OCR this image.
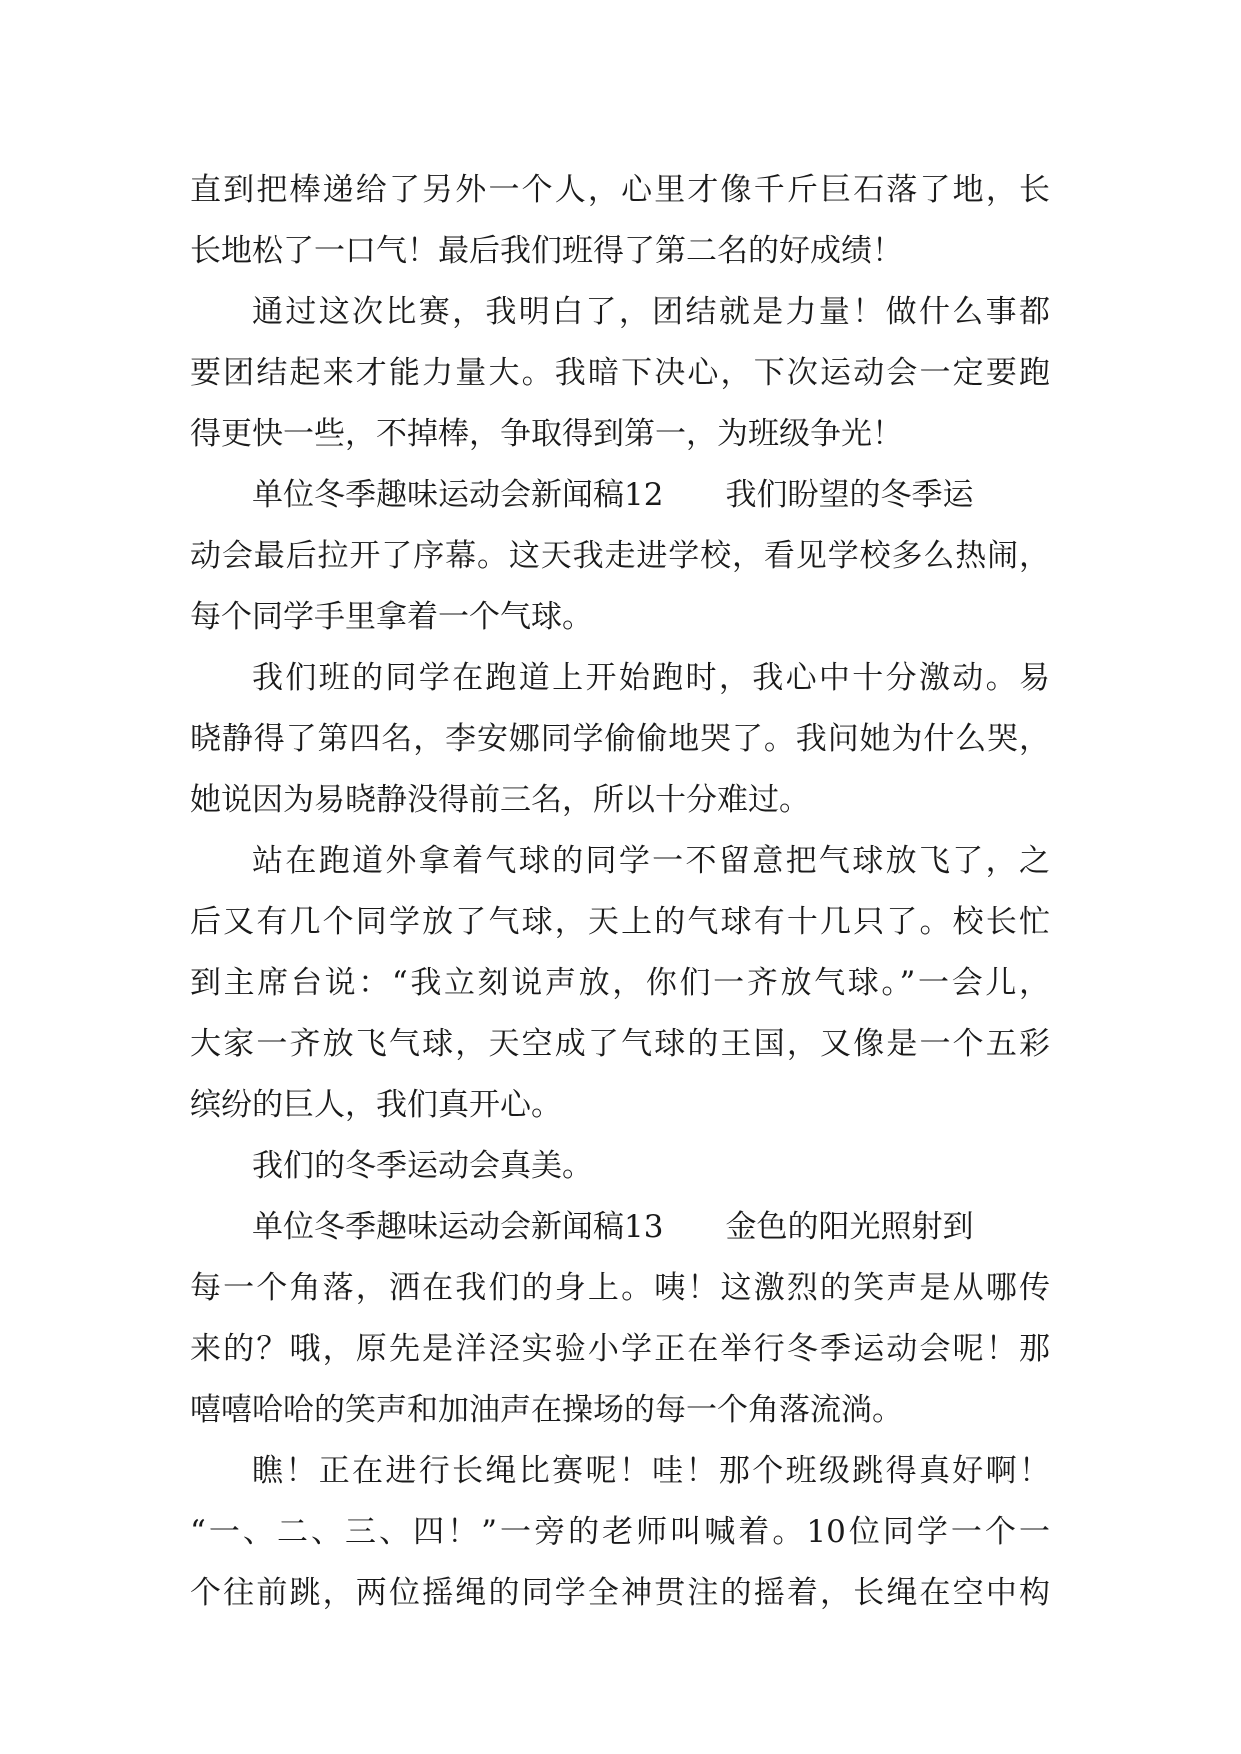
直到把棒递给了另外一个人，心里才像千斤巨石落了地，长
长地松了一口气！最后我们班得了第二名的好成绩！
通过这次比赛，我明白了，团结就是力量！做什么事都
要团结起来才能力量大。我暗下决心，下次运动会一定要跑
得更快一些，不掉棒，争取得到第一，为班级争光！
单位冬季趣味运动会新闻稿12 我们盼望的冬季运
动会最后拉开了序幕。这天我走进学校，看见学校多么热闹，
每个同学手里拿着一个气球。
我们班的同学在跑道上开始跑时，我心中十分激动。易
晓静得了第四名，李安娜同学偷偷地哭了。我问她为什么哭，
她说因为易晓静没得前三名，所以十分难过。
站在跑道外拿着气球的同学一不留意把气球放飞了，之
后又有几个同学放了气球，天上的气球有十几只了。校长忙
到主席台说：“我立刻说声放，你们一齐放气球。”一会儿，
大家一齐放飞气球，天空成了气球的王国，又像是一个五彩
缤纷的巨人，我们真开心。
我们的冬季运动会真美。
单位冬季趣味运动会新闻稿13 金色的阳光照射到
每一个角落，洒在我们的身上。咦！这激烈的笑声是从哪传
来的？哦，原先是洋泾实验小学正在举行冬季运动会呢！那
嘻嘻哈哈的笑声和加油声在操场的每一个角落流淌。
瞧！正在进行长绳比赛呢！哇！那个班级跳得真好啊！
“一、二、三、四！”一旁的老师叫喊着。10位同学一个一
个往前跳，两位摇绳的同学全神贯注的摇着，长绳在空中构
